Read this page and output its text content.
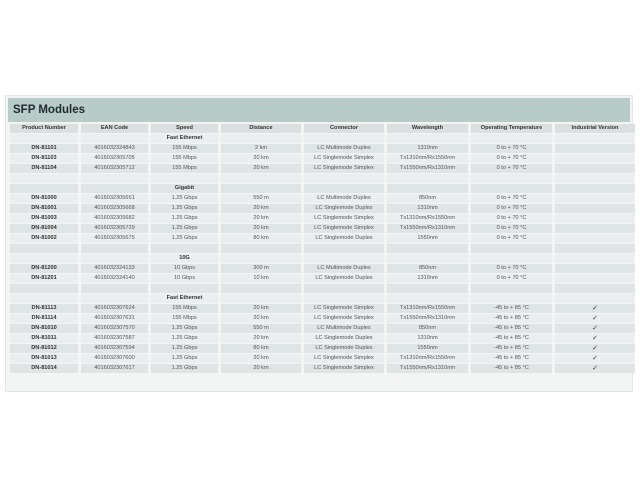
SFP Modules
Product Number	EAN Code	Speed	Distance	Connector	Wavelength	Operating Temperature	Industrial Version
		Fast Ethernet					
DN-81101	4016032324843	155 Mbps	2 km	LC Multimode Duplex	1310nm	0 to + 70 °C	
DN-81103	4016032305705	155 Mbps	20 km	LC Singlemode Simplex	Tx1310nm/Rx1550nm	0 to + 70 °C	
DN-81104	4016032305712	155 Mbps	20 km	LC Singlemode Simplex	Tx1550nm/Rx1310nm	0 to + 70 °C	

		Gigabit					
DN-81000	4016032305651	1.25 Gbps	550 m	LC Multimode Duplex	850nm	0 to + 70 °C	
DN-81001	4016032305668	1.25 Gbps	20 km	LC Singlemode Duplex	1310nm	0 to + 70 °C	
DN-81003	4016032305682	1.25 Gbps	20 km	LC Singlemode Simplex	Tx1310nm/Rx1550nm	0 to + 70 °C	
DN-81004	4016032305729	1.25 Gbps	20 km	LC Singlemode Simplex	Tx1550nm/Rx1310nm	0 to + 70 °C	
DN-81002	4016032305675	1.25 Gbps	80 km	LC Singlemode Duplex	1550nm	0 to + 70 °C	

		10G					
DN-81200	4016032324133	10 Gbps	300 m	LC Multimode Duplex	850nm	0 to + 70 °C	
DN-81201	4016032324140	10 Gbps	10 km	LC Singlemode Duplex	1310nm	0 to + 70 °C	

		Fast Ethernet					
DN-81113	4016032307624	155 Mbps	20 km	LC Singlemode Simplex	Tx1310nm/Rx1550nm	-45 to + 85 °C	✓
DN-81114	4016032307631	155 Mbps	20 km	LC Singlemode Simplex	Tx1550nm/Rx1310nm	-45 to + 85 °C	✓
DN-81010	4016032307570	1.25 Gbps	550 m	LC Multimode Duplex	850nm	-45 to + 85 °C	✓
DN-81011	4016032307587	1.25 Gbps	20 km	LC Singlemode Duplex	1310nm	-45 to + 85 °C	✓
DN-81012	4016032307594	1.25 Gbps	80 km	LC Singlemode Duplex	1550nm	-45 to + 85 °C	✓
DN-81013	4016032307600	1.25 Gbps	20 km	LC Singlemode Simplex	Tx1310nm/Rx1550nm	-45 to + 85 °C	✓
DN-81014	4016032307617	1.25 Gbps	20 km	LC Singlemode Simplex	Tx1550nm/Rx1310nm	-45 to + 85 °C	✓
